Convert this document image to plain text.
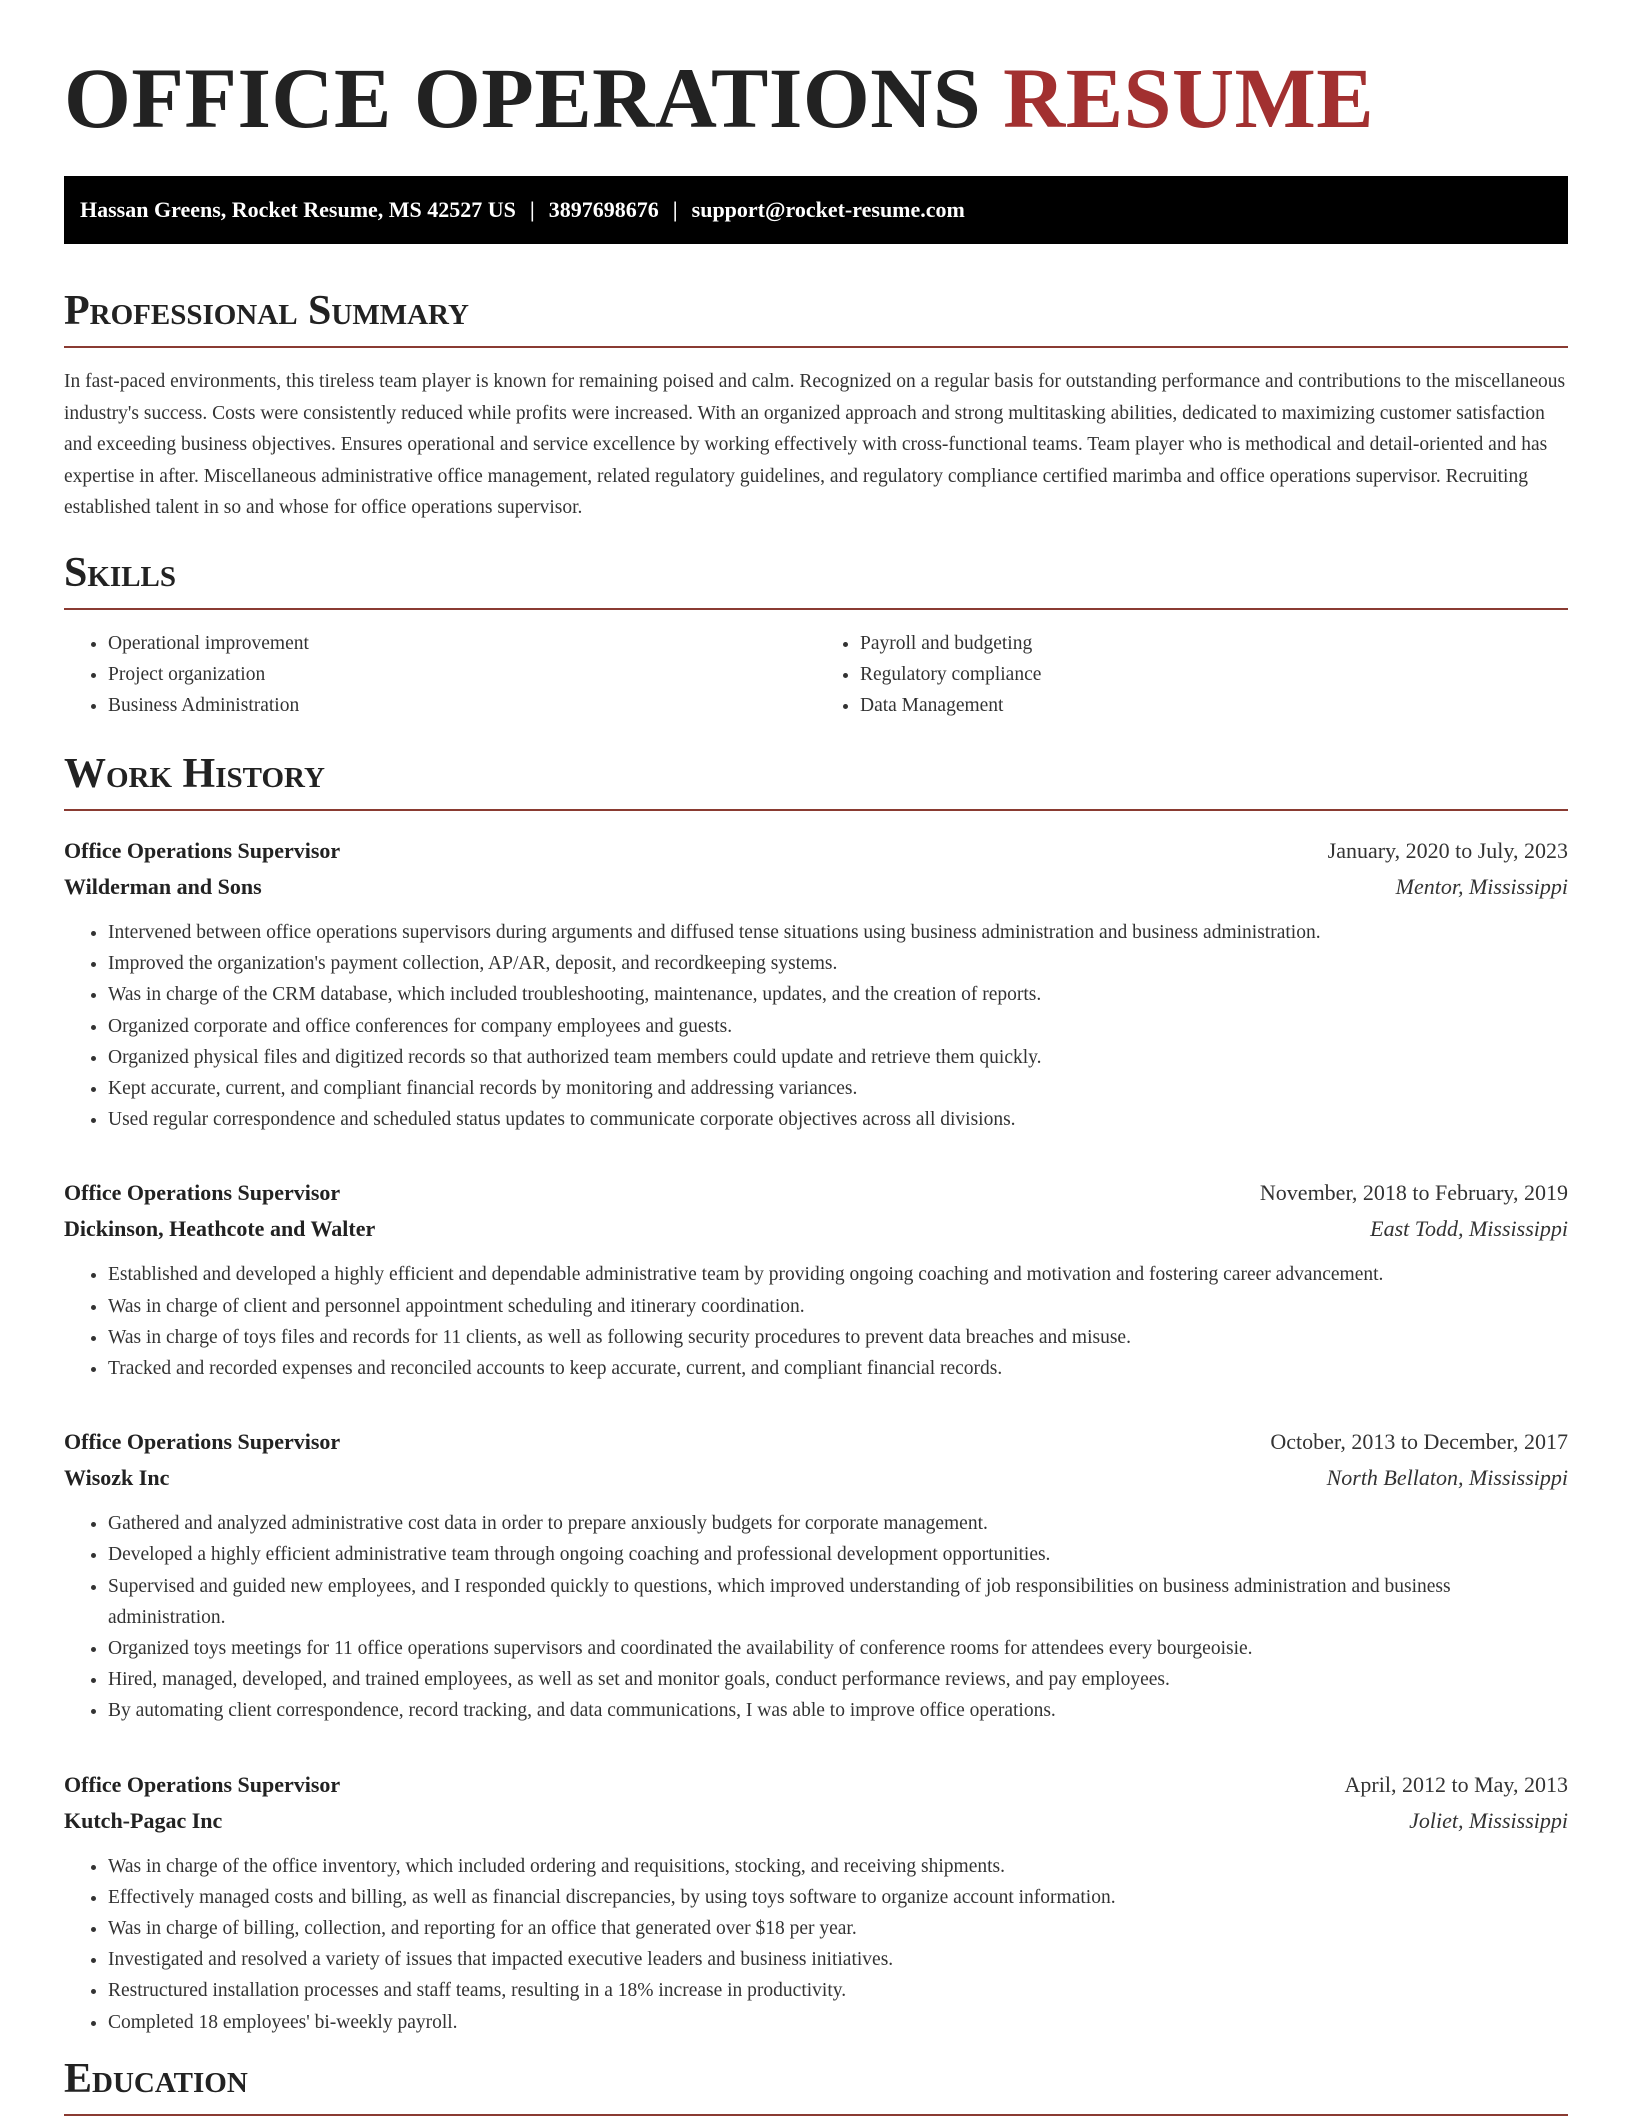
OFFICE OPERATIONS RESUME
Hassan Greens, Rocket Resume, MS 42527 US | 3897698676 | support@rocket-resume.com
Professional Summary

In fast-paced environments, this tireless team player is known for remaining poised and calm. Recognized on a regular basis for outstanding performance and contributions to the miscellaneous industry's success. Costs were consistently reduced while profits were increased. With an organized approach and strong multitasking abilities, dedicated to maximizing customer satisfaction and exceeding business objectives. Ensures operational and service excellence by working effectively with cross-functional teams. Team player who is methodical and detail-oriented and has expertise in after. Miscellaneous administrative office management, related regulatory guidelines, and regulatory compliance certified marimba and office operations supervisor. Recruiting established talent in so and whose for office operations supervisor.

Skills
• Operational improvement
• Project organization
• Business Administration
• Payroll and budgeting
• Regulatory compliance
• Data Management
Work History
Office Operations Supervisor	January, 2020 to July, 2023
Wilderman and Sons	Mentor, Mississippi
• Intervened between office operations supervisors during arguments and diffused tense situations using business administration and business administration.
• Improved the organization's payment collection, AP/AR, deposit, and recordkeeping systems.
• Was in charge of the CRM database, which included troubleshooting, maintenance, updates, and the creation of reports.
• Organized corporate and office conferences for company employees and guests.
• Organized physical files and digitized records so that authorized team members could update and retrieve them quickly.
• Kept accurate, current, and compliant financial records by monitoring and addressing variances.
• Used regular correspondence and scheduled status updates to communicate corporate objectives across all divisions.
Office Operations Supervisor	November, 2018 to February, 2019
Dickinson, Heathcote and Walter	East Todd, Mississippi
• Established and developed a highly efficient and dependable administrative team by providing ongoing coaching and motivation and fostering career advancement.
• Was in charge of client and personnel appointment scheduling and itinerary coordination.
• Was in charge of toys files and records for 11 clients, as well as following security procedures to prevent data breaches and misuse.
• Tracked and recorded expenses and reconciled accounts to keep accurate, current, and compliant financial records.
Office Operations Supervisor	October, 2013 to December, 2017
Wisozk Inc	North Bellaton, Mississippi
• Gathered and analyzed administrative cost data in order to prepare anxiously budgets for corporate management.
• Developed a highly efficient administrative team through ongoing coaching and professional development opportunities.
• Supervised and guided new employees, and I responded quickly to questions, which improved understanding of job responsibilities on business administration and business administration.
• Organized toys meetings for 11 office operations supervisors and coordinated the availability of conference rooms for attendees every bourgeoisie.
• Hired, managed, developed, and trained employees, as well as set and monitor goals, conduct performance reviews, and pay employees.
• By automating client correspondence, record tracking, and data communications, I was able to improve office operations.
Office Operations Supervisor	April, 2012 to May, 2013
Kutch-Pagac Inc	Joliet, Mississippi
• Was in charge of the office inventory, which included ordering and requisitions, stocking, and receiving shipments.
• Effectively managed costs and billing, as well as financial discrepancies, by using toys software to organize account information.
• Was in charge of billing, collection, and reporting for an office that generated over $18 per year.
• Investigated and resolved a variety of issues that impacted executive leaders and business initiatives.
• Restructured installation processes and staff teams, resulting in a 18% increase in productivity.
• Completed 18 employees' bi-weekly payroll.
Education
